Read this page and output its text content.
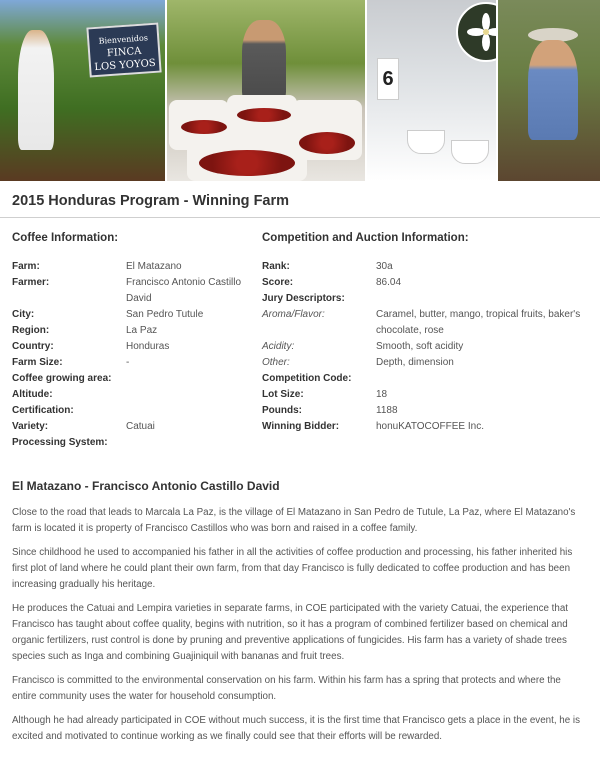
Bienvenidos
FINCA
LOS YOYOS
6
2015 Honduras Program - Winning Farm
Coffee Information:
Farm:	El Matazano
Farmer:	Francisco Antonio Castillo David
City:	San Pedro Tutule
Region:	La Paz
Country:	Honduras
Farm Size:	-
Coffee growing area:
Altitude:
Certification:
Variety:	Catuai
Processing System:
Competition and Auction Information:
Rank:	30a
Score:	86.04
Jury Descriptors:
Aroma/Flavor:	Caramel, butter, mango, tropical fruits, baker's chocolate, rose
Acidity:	Smooth, soft acidity
Other:	Depth, dimension
Competition Code:
Lot Size:	18
Pounds:	1188
Winning Bidder:	honuKATOCOFFEE Inc.
El Matazano - Francisco Antonio Castillo David

Close to the road that leads to Marcala La Paz, is the village of El Matazano in San Pedro de Tutule, La Paz, where El Matazano's farm is located it is property of Francisco Castillos who was born and raised in a coffee family.

Since childhood he used to accompanied his father in all the activities of coffee production and processing, his father inherited his first plot of land where he could plant their own farm, from that day Francisco is fully dedicated to coffee production and has been increasing gradually his heritage.

He produces the Catuai and Lempira varieties in separate farms, in COE participated with the variety Catuai, the experience that Francisco has taught about coffee quality, begins with nutrition, so it has a program of combined fertilizer based on chemical and organic fertilizers, rust control is done by pruning and preventive applications of fungicides. His farm has a variety of shade trees species such as Inga and combining Guajiniquil with bananas and fruit trees.

Francisco is committed to the environmental conservation on his farm. Within his farm has a spring that protects and where the entire community uses the water for household consumption.

Although he had already participated in COE without much success, it is the first time that Francisco gets a place in the event, he is excited and motivated to continue working as we finally could see that their efforts will be rewarded.
